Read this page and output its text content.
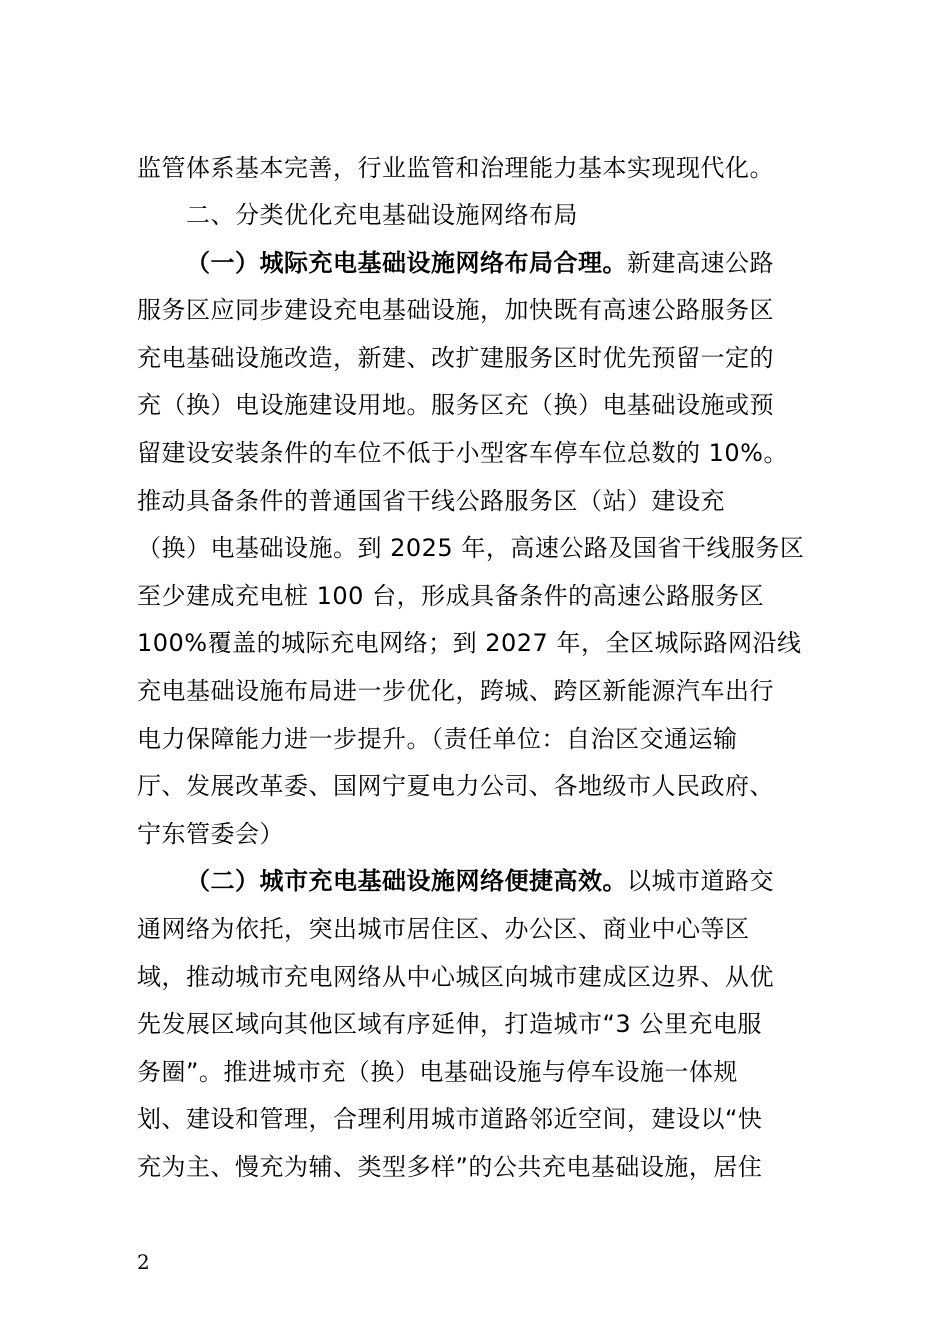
监管体系基本完善，行业监管和治理能力基本实现现代化。
二、分类优化充电基础设施网络布局
（一）城际充电基础设施网络布局合理。新建高速公路
服务区应同步建设充电基础设施，加快既有高速公路服务区
充电基础设施改造，新建、改扩建服务区时优先预留一定的
充（换）电设施建设用地。服务区充（换）电基础设施或预
留建设安装条件的车位不低于小型客车停车位总数的 10%。
推动具备条件的普通国省干线公路服务区（站）建设充
（换）电基础设施。到 2025 年，高速公路及国省干线服务区
至少建成充电桩 100 台，形成具备条件的高速公路服务区
100%覆盖的城际充电网络；到 2027 年，全区城际路网沿线
充电基础设施布局进一步优化，跨城、跨区新能源汽车出行
电力保障能力进一步提升。（责任单位：自治区交通运输
厅、发展改革委、国网宁夏电力公司、各地级市人民政府、
宁东管委会）
（二）城市充电基础设施网络便捷高效。以城市道路交
通网络为依托，突出城市居住区、办公区、商业中心等区
域，推动城市充电网络从中心城区向城市建成区边界、从优
先发展区域向其他区域有序延伸，打造城市“3 公里充电服
务圈”。推进城市充（换）电基础设施与停车设施一体规
划、建设和管理，合理利用城市道路邻近空间，建设以“快
充为主、慢充为辅、类型多样”的公共充电基础设施，居住
2
